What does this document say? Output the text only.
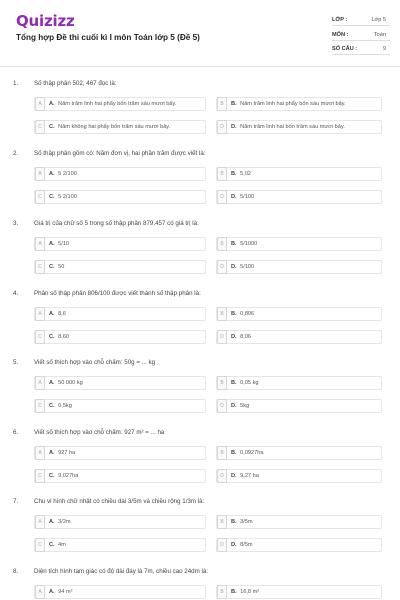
Quizizz
Tổng hợp Đề thi cuối kì I môn Toán lớp 5 (Đề 5)
LỚP :	Lớp 5
MÔN :	Toán
SỐ CÂU :	9
1.	Số thập phân 502, 467 đọc là:
A	A. Năm trăm linh hai phẩy bốn trăm sáu mươi bảy.	B	B. Năm trăm linh hai phẩy bốn sáu mươi bảy.
C	C. Năm không hai phẩy bốn trăm sáu mươi bảy.	D	D. Năm trăm linh hai bốn trăm sáu mươi bảy.
2.	Số thập phân gồm có: Năm đơn vị, hai phần trăm được viết là:
A	A. 5 2/100	B	B. 5,02
C	C. 5 2/100	D	D. 5/100
3.	Giá trị của chữ số 5 trong số thập phân 879,457 có giá trị là:
A	A. 5/10	B	B. 5/1000
C	C. 50	D	D. 5/100
4.	Phân số thập phân 806/100 được viết thành số thập phân là:
A	A. 8,6	B	B. 0,806
C	C. 8,60	D	D. 8,06
5.	Viết số thích hợp vào chỗ chấm: 50g = ... kg
A	A. 50 000 kg	B	B. 0,05 kg
C	C. 0,5kg	D	D. 5kg
6.	Viết số thích hợp vào chỗ chấm: 927 m² = ... ha
A	A. 927 ha	B	B. 0,0927ha
C	C. 9,027ha	D	D. 9,27 ha
7.	Chu vi hình chữ nhật có chiều dài 3/5m và chiều rộng 1/3m là:
A	A. 3/2m	B	B. 3/5m
C	C. 4m	D	D. 8/5m
8.	Diện tích hình tam giác có độ dài đáy là 7m, chiều cao 24dm là:
A	A. 94 m²	B	B. 16,8 m²
